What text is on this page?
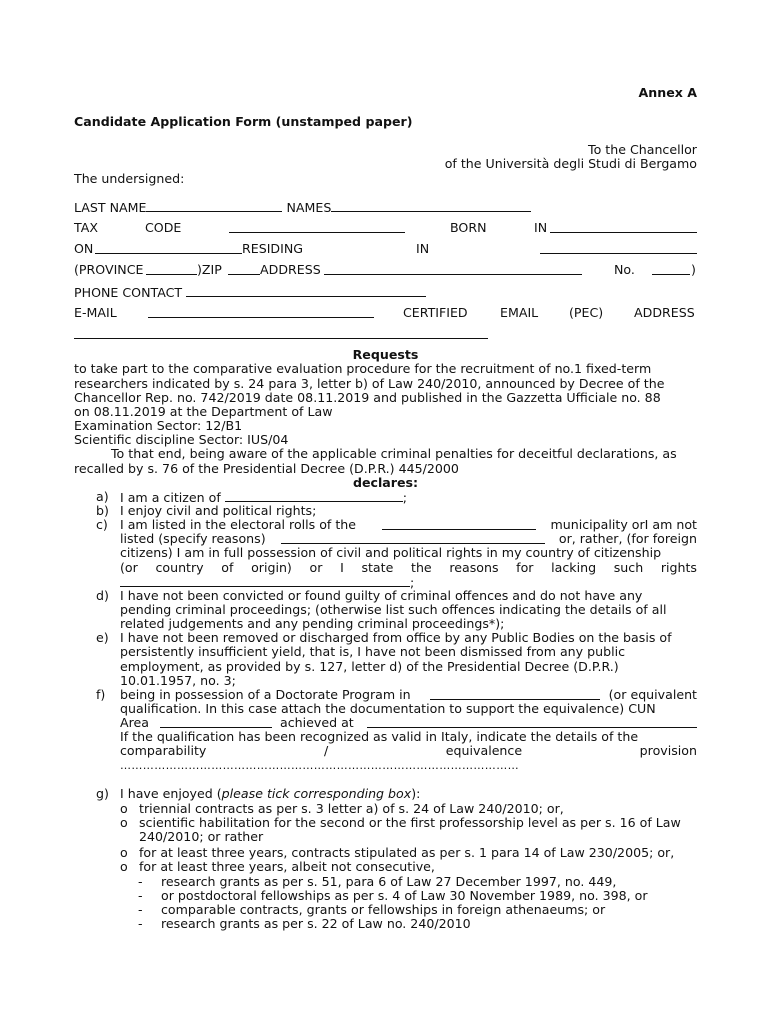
Annex A
Candidate Application Form (unstamped paper)
To the Chancellor
of the Università degli Studi di Bergamo
The undersigned:
LAST NAME	NAMES
TAX	CODE	BORN	IN
ON	RESIDING	IN
(PROVINCE	)ZIP	ADDRESS	No.	)
PHONE CONTACT
E-MAIL	CERTIFIED	EMAIL (PEC) ADDRESS
Requests
to take part to the comparative evaluation procedure for the recruitment of no.1 fixed-term
researchers indicated by s. 24 para 3, letter b) of Law 240/2010, announced by Decree of the
Chancellor Rep. no. 742/2019 date 08.11.2019 and published in the Gazzetta Ufficiale no. 88
on 08.11.2019 at the Department of Law
Examination Sector: 12/B1
Scientific discipline Sector: IUS/04
To that end, being aware of the applicable criminal penalties for deceitful declarations, as
recalled by s. 76 of the Presidential Decree (D.P.R.) 445/2000
declares:
a) I am a citizen of	;
b) I enjoy civil and political rights;
c) I am listed in the electoral rolls of the	municipality orI am not
listed (specify reasons)	or, rather, (for foreign
citizens) I am in full possession of civil and political rights in my country of citizenship
(or country of origin) or I state the reasons for lacking such rights
;
d) I have not been convicted or found guilty of criminal offences and do not have any
pending criminal proceedings; (otherwise list such offences indicating the details of all
related judgements and any pending criminal proceedings*);
e) I have not been removed or discharged from office by any Public Bodies on the basis of
persistently insufficient yield, that is, I have not been dismissed from any public
employment, as provided by s. 127, letter d) of the Presidential Decree (D.P.R.)
10.01.1957, no. 3;
f) being in possession of a Doctorate Program in	(or equivalent
qualification. In this case attach the documentation to support the equivalence) CUN
Area	achieved at
If the qualification has been recognized as valid in Italy, indicate the details of the
comparability	/	equivalence	provision
……………………………………………………………………………………………
g) I have enjoyed (please tick corresponding box):
o triennial contracts as per s. 3 letter a) of s. 24 of Law 240/2010; or,
o scientific habilitation for the second or the first professorship level as per s. 16 of Law
240/2010; or rather
o for at least three years, contracts stipulated as per s. 1 para 14 of Law 230/2005; or,
o for at least three years, albeit not consecutive,
- research grants as per s. 51, para 6 of Law 27 December 1997, no. 449,
- or postdoctoral fellowships as per s. 4 of Law 30 November 1989, no. 398, or
- comparable contracts, grants or fellowships in foreign athenaeums; or
- research grants as per s. 22 of Law no. 240/2010
